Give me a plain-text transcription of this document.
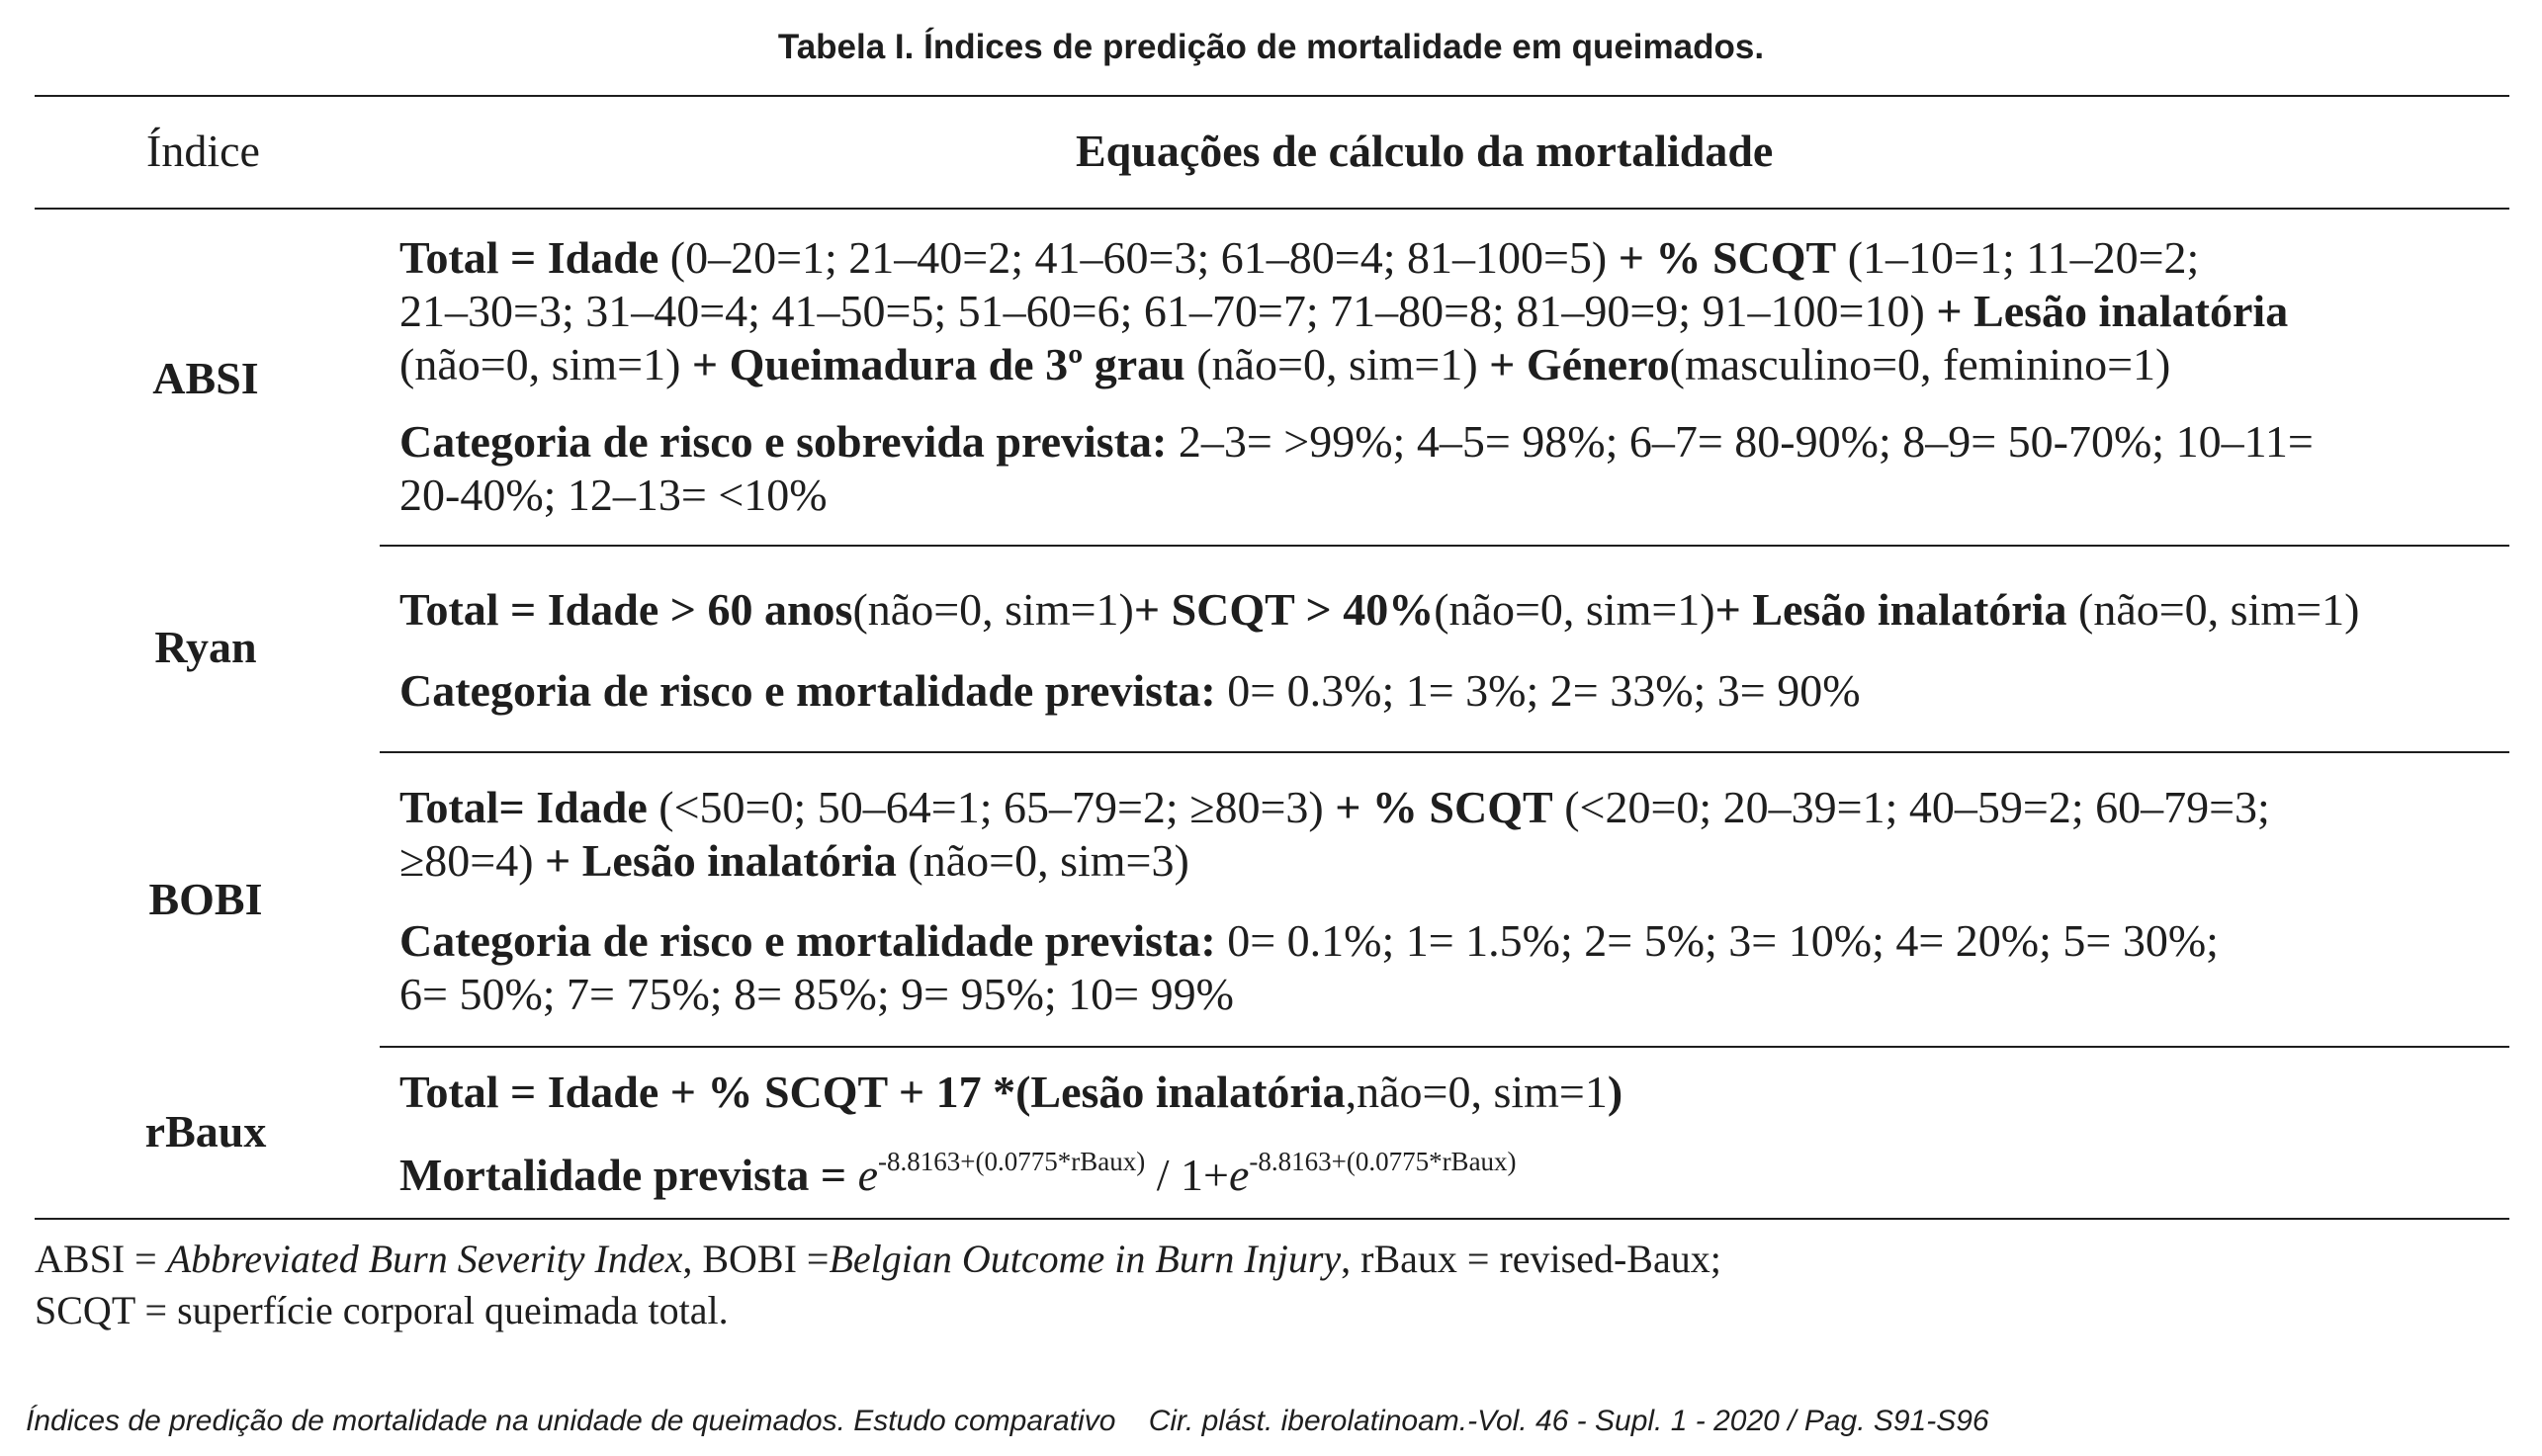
Tabela I. Índices de predição de mortalidade em queimados.
Índice	Equações de cálculo da mortalidade
ABSI
Total = Idade (0–20=1; 21–40=2; 41–60=3; 61–80=4; 81–100=5) + % SCQT (1–10=1; 11–20=2;
21–30=3; 31–40=4; 41–50=5; 51–60=6; 61–70=7; 71–80=8; 81–90=9; 91–100=10) + Lesão inalatória
(não=0, sim=1) + Queimadura de 3º grau (não=0, sim=1) + Género(masculino=0, feminino=1)
Categoria de risco e sobrevida prevista: 2–3= >99%; 4–5= 98%; 6–7= 80-90%; 8–9= 50-70%; 10–11=
20-40%; 12–13= <10%
Ryan
Total = Idade > 60 anos(não=0, sim=1)+ SCQT > 40%(não=0, sim=1)+ Lesão inalatória (não=0, sim=1)
Categoria de risco e mortalidade prevista: 0= 0.3%; 1= 3%; 2= 33%; 3= 90%
BOBI
Total= Idade (<50=0; 50–64=1; 65–79=2; ≥80=3) + % SCQT (<20=0; 20–39=1; 40–59=2; 60–79=3;
≥80=4) + Lesão inalatória (não=0, sim=3)
Categoria de risco e mortalidade prevista: 0= 0.1%; 1= 1.5%; 2= 5%; 3= 10%; 4= 20%; 5= 30%;
6= 50%; 7= 75%; 8= 85%; 9= 95%; 10= 99%
rBaux
Total = Idade + % SCQT + 17 *(Lesão inalatória,não=0, sim=1)
Mortalidade prevista = $e^{-8.8163+(0.0775*rBaux)} / 1+e^{-8.8163+(0.0775*rBaux)}$
ABSI = Abbreviated Burn Severity Index, BOBI =Belgian Outcome in Burn Injury, rBaux = revised-Baux;
SCQT = superfície corporal queimada total.
Índices de predição de mortalidade na unidade de queimados. Estudo comparativo    Cir. plást. iberolatinoam.-Vol. 46 - Supl. 1 - 2020 / Pag. S91-S96
